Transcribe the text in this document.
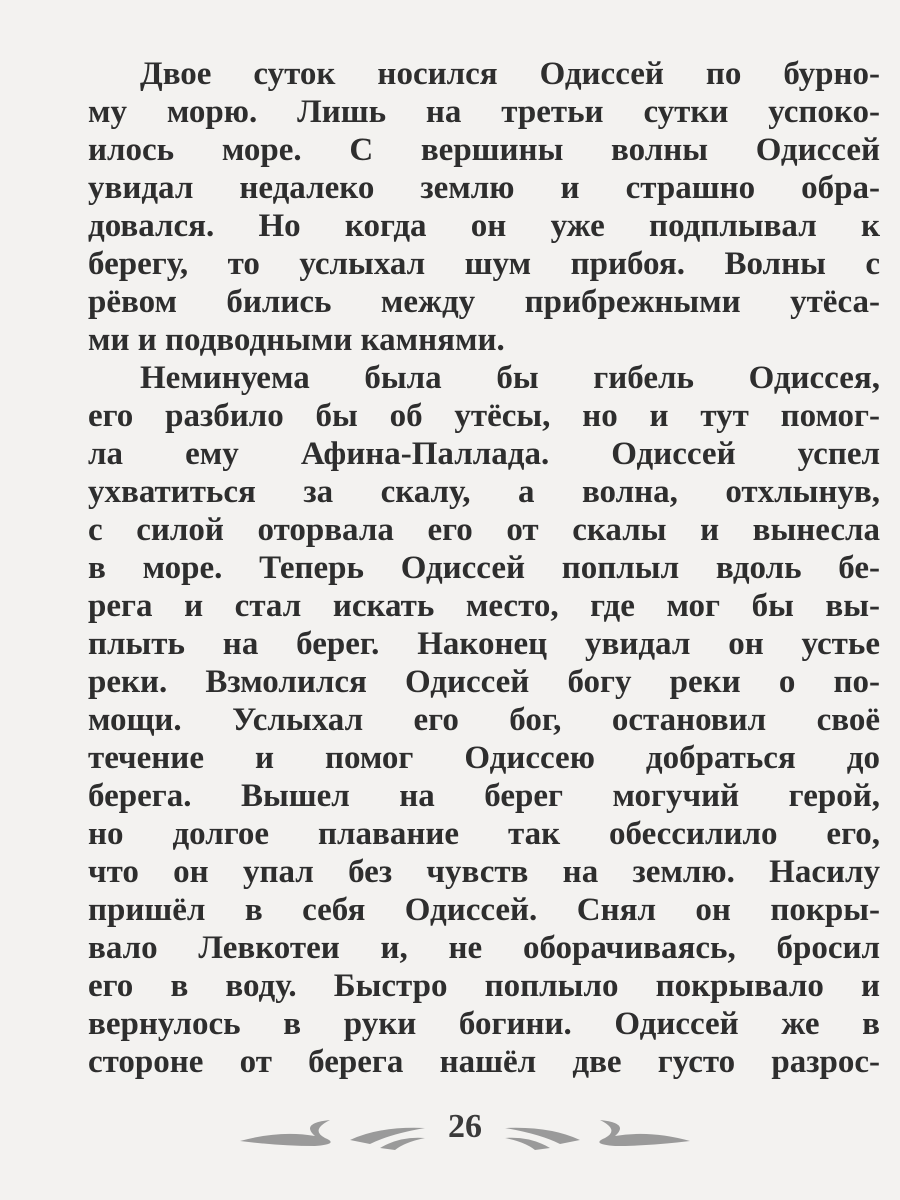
Двое суток носился Одиссей по бурно-
му морю. Лишь на третьи сутки успоко-
илось море. С вершины волны Одиссей
увидал недалеко землю и страшно обра-
довался. Но когда он уже подплывал к
берегу, то услыхал шум прибоя. Волны с
рёвом бились между прибрежными утёса-
ми и подводными камнями.
Неминуема была бы гибель Одиссея,
его разбило бы об утёсы, но и тут помог-
ла ему Афина-Паллада. Одиссей успел
ухватиться за скалу, а волна, отхлынув,
с силой оторвала его от скалы и вынесла
в море. Теперь Одиссей поплыл вдоль бе-
рега и стал искать место, где мог бы вы-
плыть на берег. Наконец увидал он устье
реки. Взмолился Одиссей богу реки о по-
мощи. Услыхал его бог, остановил своё
течение и помог Одиссею добраться до
берега. Вышел на берег могучий герой,
но долгое плавание так обессилило его,
что он упал без чувств на землю. Насилу
пришёл в себя Одиссей. Снял он покры-
вало Левкотеи и, не оборачиваясь, бросил
его в воду. Быстро поплыло покрывало и
вернулось в руки богини. Одиссей же в
стороне от берега нашёл две густо разрос-
26
